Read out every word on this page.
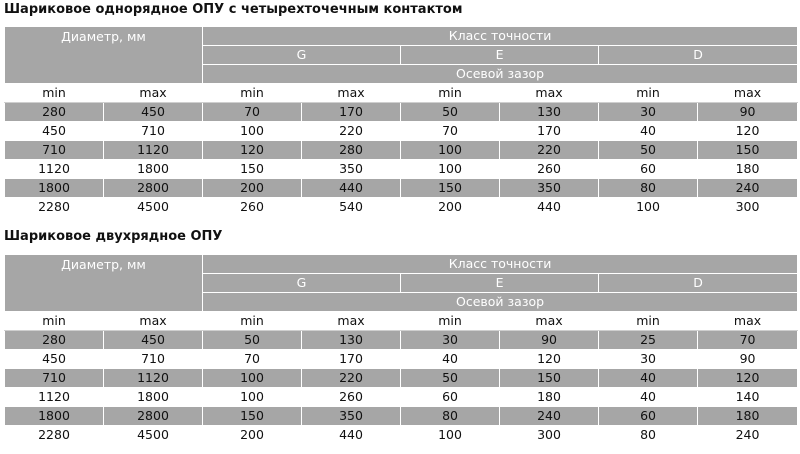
Шариковое однорядное ОПУ с четырехточечным контактом
Диаметр, мм		Класс точности					
		G		E		D	
		Осевой зазор					
min	max	min	max	min	max	min	max
280	450	70	170	50	130	30	90
450	710	100	220	70	170	40	120
710	1120	120	280	100	220	50	150
1120	1800	150	350	100	260	60	180
1800	2800	200	440	150	350	80	240
2280	4500	260	540	200	440	100	300
Шариковое двухрядное ОПУ
Диаметр, мм		Класс точности					
		G		E		D	
		Осевой зазор					
min	max	min	max	min	max	min	max
280	450	50	130	30	90	25	70
450	710	70	170	40	120	30	90
710	1120	100	220	50	150	40	120
1120	1800	100	260	60	180	40	140
1800	2800	150	350	80	240	60	180
2280	4500	200	440	100	300	80	240
